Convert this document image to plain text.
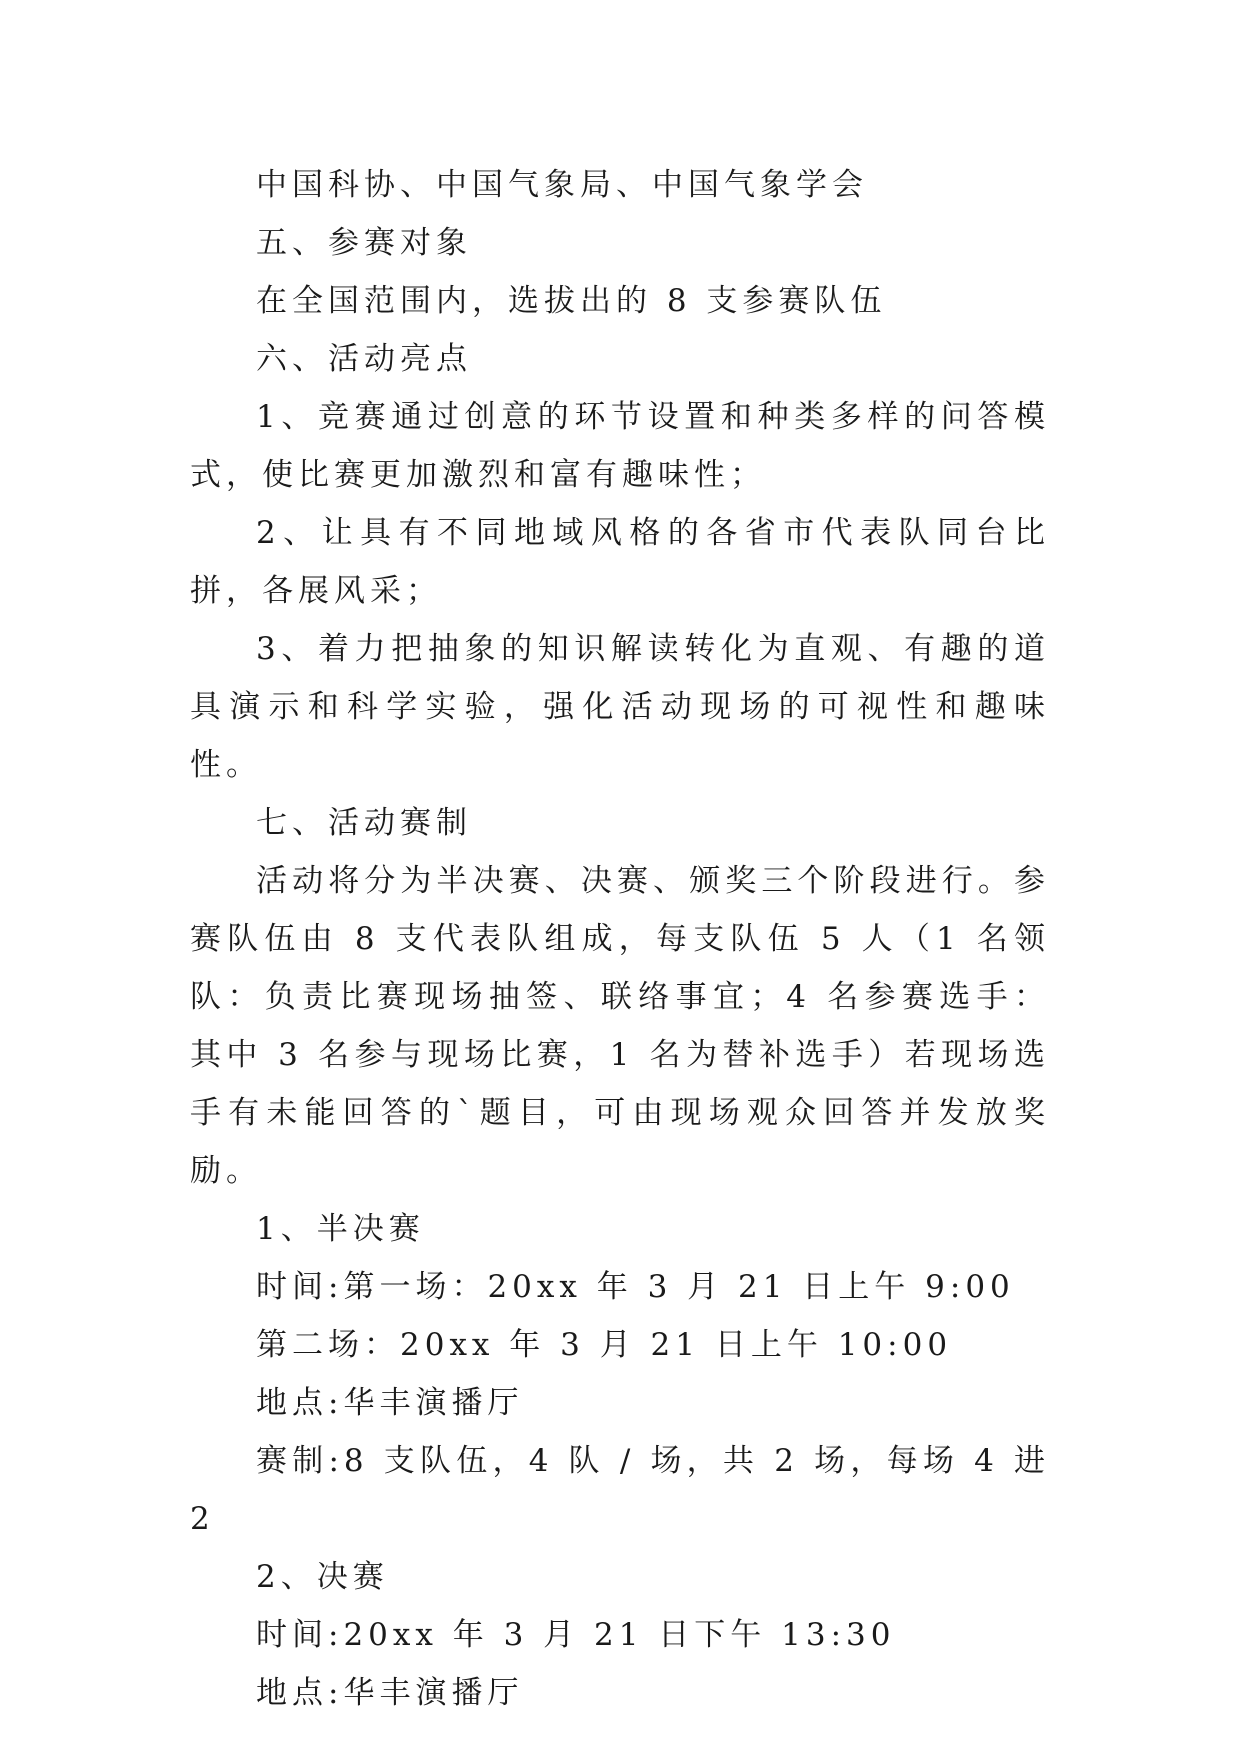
中国科协、中国气象局、中国气象学会

五、参赛对象

在全国范围内，选拔出的 8 支参赛队伍

六、活动亮点

1、竞赛通过创意的环节设置和种类多样的问答模式，使比赛更加激烈和富有趣味性；

2、让具有不同地域风格的各省市代表队同台比拼，各展风采；

3、着力把抽象的知识解读转化为直观、有趣的道具演示和科学实验，强化活动现场的可视性和趣味性。

七、活动赛制

活动将分为半决赛、决赛、颁奖三个阶段进行。参赛队伍由 8 支代表队组成，每支队伍 5 人（1 名领队：负责比赛现场抽签、联络事宜；4 名参赛选手：其中 3 名参与现场比赛，1 名为替补选手）若现场选手有未能回答的`题目，可由现场观众回答并发放奖励。

1、半决赛

时间:第一场：20xx 年 3 月 21 日上午 9:00

第二场：20xx 年 3 月 21 日上午 10:00

地点:华丰演播厅

赛制:8 支队伍，4 队 / 场，共 2 场，每场 4 进 2

2、决赛

时间:20xx 年 3 月 21 日下午 13:30

地点:华丰演播厅
